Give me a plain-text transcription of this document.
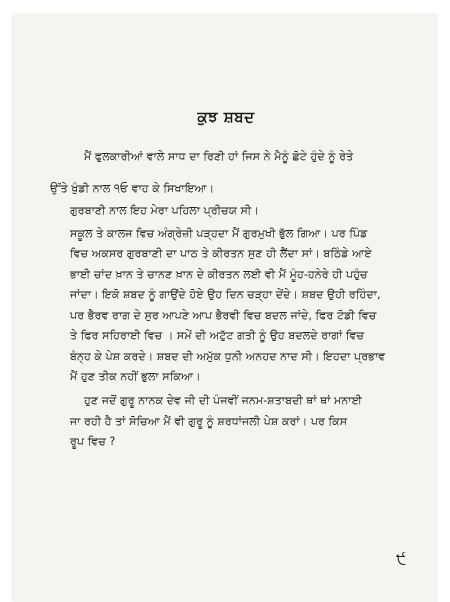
ਕੁਝ ਸ਼ਬਦ
ਮੈਂ ਫੁਲਕਾਰੀਆਂ ਵਾਲੇ ਸਾਧ ਦਾ ਰਿਣੀ ਹਾਂ ਜਿਸ ਨੇ ਮੈਨੂੰ ਛੋਟੇ ਹੁੰਦੇ ਨੂੰ ਰੇਤੇ
ਉੱਤੇ ਖੁੰਡੀ ਨਾਲ ੧ਓ ਵਾਹ ਕੇ ਸਿਖਾਇਆ।
ਗੁਰਬਾਣੀ ਨਾਲ ਇਹ ਮੇਰਾ ਪਹਿਲਾ ਪ੍ਰੀਚਯ ਸੀ।
ਸਕੂਲ ਤੇ ਕਾਲਜ ਵਿਚ ਅੰਗ੍ਰੇਜ਼ੀ ਪੜ੍ਹਦਾ ਮੈਂ ਗੁਰਮੁਖੀ ਭੁੱਲ ਗਿਆ। ਪਰ ਪਿੰਡ
ਵਿਚ ਅਕਸਰ ਗੁਰਬਾਣੀ ਦਾ ਪਾਠ ਤੇ ਕੀਰਤਨ ਸੁਣ ਹੀ ਲੈਂਦਾ ਸਾਂ। ਬਠਿੰਡੇ ਆਏ
ਭਾਈ ਚਾਂਦ ਖ਼ਾਨ ਤੇ ਚਾਨਣ ਖ਼ਾਨ ਦੇ ਕੀਰਤਨ ਲਈ ਵੀ ਮੈਂ ਮੂੰਹ-ਹਨੇਰੇ ਹੀ ਪਹੁੰਚ
ਜਾਂਦਾ। ਇਕੋ ਸ਼ਬਦ ਨੂੰ ਗਾਉਂਦੇ ਹੋਏ ਉਹ ਦਿਨ ਚੜ੍ਹਾ ਦੇਂਦੇ। ਸ਼ਬਦ ਉਹੀ ਰਹਿੰਦਾ,
ਪਰ ਭੈਰਵ ਰਾਗ ਦੇ ਸੁਰ ਆਪਣੇ ਆਪ ਭੈਰਵੀ ਵਿਚ ਬਦਲ ਜਾਂਦੇ, ਫਿਰ ਟੋਡੀ ਵਿਚ
ਤੇ ਫਿਰ ਸਹਿਰਾਈ ਵਿਚ । ਸਮੇਂ ਦੀ ਅਟੁੱਟ ਗਤੀ ਨੂੰ ਉਹ ਬਦਲਦੇ ਰਾਗਾਂ ਵਿਚ
ਬੰਨ੍ਹ ਕੇ ਪੇਸ਼ ਕਰਦੇ। ਸ਼ਬਦ ਦੀ ਅਮੁੱਕ ਧੁਨੀ ਅਨਹਦ ਨਾਦ ਸੀ। ਇਹਦਾ ਪ੍ਰਭਾਵ
ਮੈਂ ਹੁਣ ਤੀਕ ਨਹੀਂ ਭੁਲਾ ਸਕਿਆ।
ਹੁਣ ਜਦੋਂ ਗੁਰੂ ਨਾਨਕ ਦੇਵ ਜੀ ਦੀ ਪੰਜਵੀਂ ਜਨਮ-ਸ਼ਤਾਬਦੀ ਥਾਂ ਥਾਂ ਮਨਾਈ
ਜਾ ਰਹੀ ਹੈ ਤਾਂ ਸੋਚਿਆ ਮੈਂ ਵੀ ਗੁਰੂ ਨੂੰ ਸ਼ਰਧਾਂਜਲੀ ਪੇਸ਼ ਕਰਾਂ। ਪਰ ਕਿਸ
ਰੂਪ ਵਿਚ ?
੯
